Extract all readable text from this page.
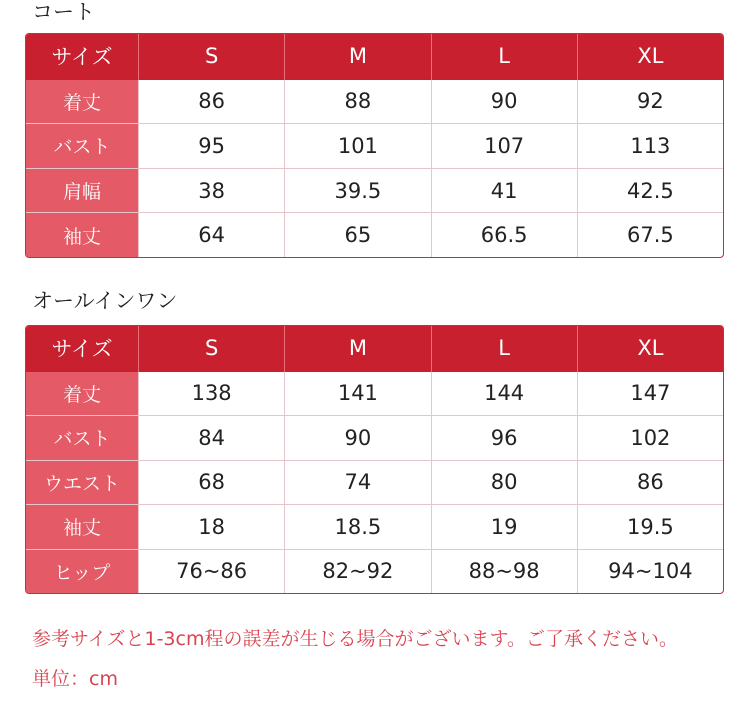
コート
サイズ	S	M	L	XL
着丈	86	88	90	92
バスト	95	101	107	113
肩幅	38	39.5	41	42.5
袖丈	64	65	66.5	67.5
オールインワン
サイズ	S	M	L	XL
着丈	138	141	144	147
バスト	84	90	96	102
ウエスト	68	74	80	86
袖丈	18	18.5	19	19.5
ヒップ	76~86	82~92	88~98	94~104
参考サイズと1-3cm程の誤差が生じる場合がございます。ご了承ください。
単位：cm
